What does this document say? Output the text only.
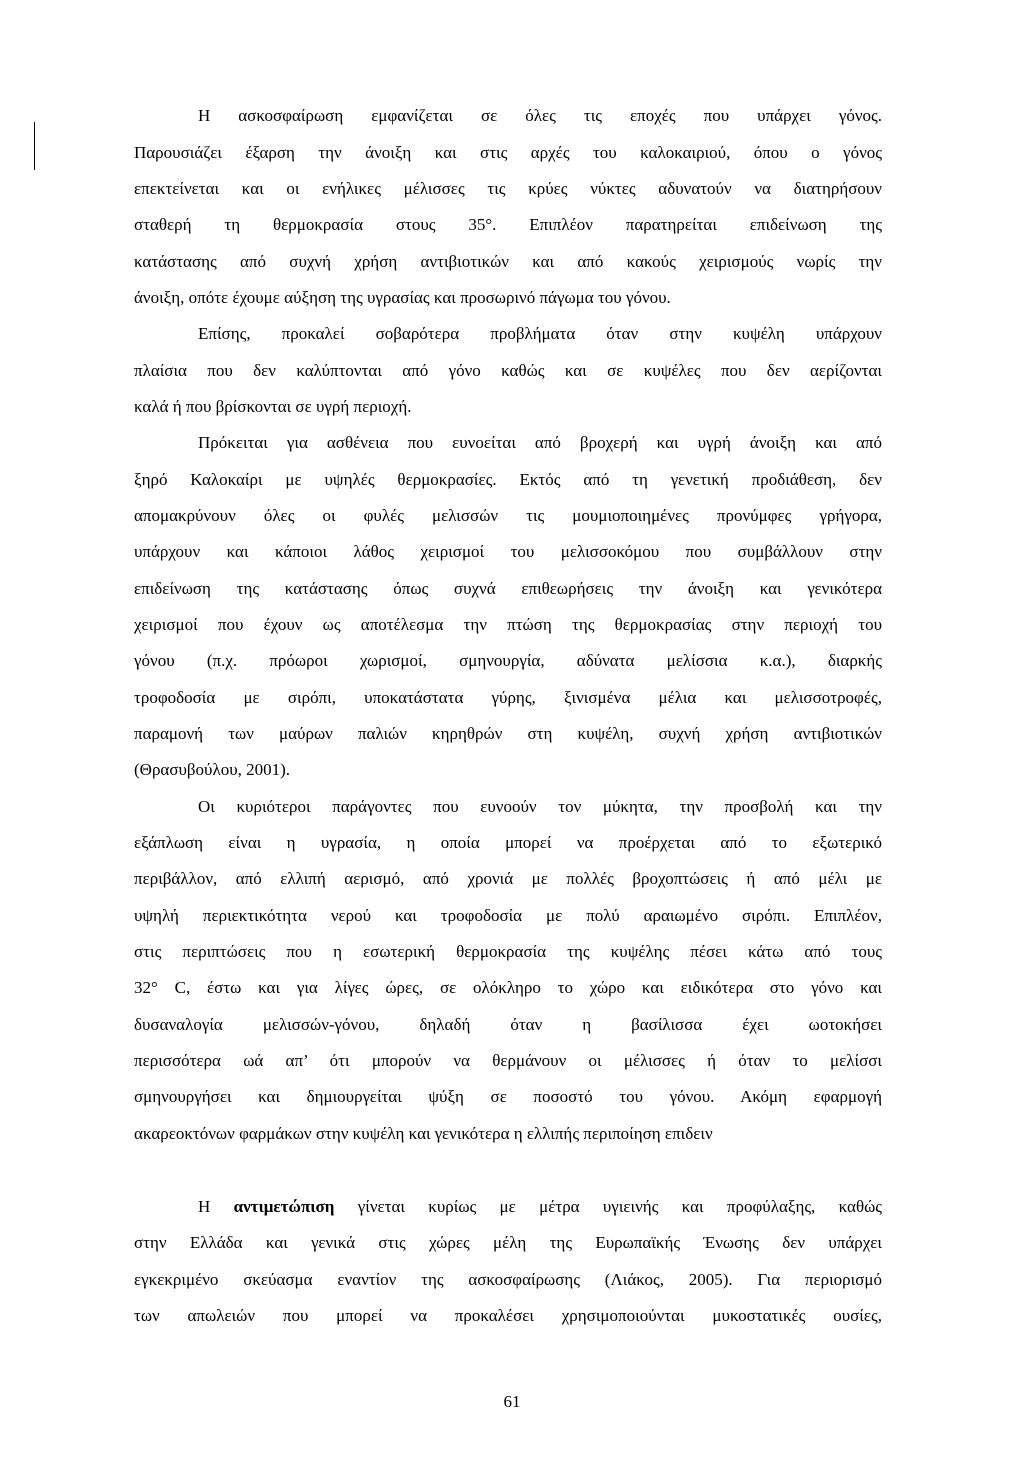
Η ασκοσφαίρωση εμφανίζεται σε όλες τις εποχές που υπάρχει γόνος.
Παρουσιάζει έξαρση την άνοιξη και στις αρχές του καλοκαιριού, όπου ο γόνος
επεκτείνεται και οι ενήλικες μέλισσες τις κρύες νύκτες αδυνατούν να διατηρήσουν
σταθερή τη θερμοκρασία στους 35°. Επιπλέον παρατηρείται επιδείνωση της
κατάστασης από συχνή χρήση αντιβιοτικών και από κακούς χειρισμούς νωρίς την
άνοιξη, οπότε έχουμε αύξηση της υγρασίας και προσωρινό πάγωμα του γόνου.
Επίσης, προκαλεί σοβαρότερα προβλήματα όταν στην κυψέλη υπάρχουν
πλαίσια που δεν καλύπτονται από γόνο καθώς και σε κυψέλες που δεν αερίζονται
καλά ή που βρίσκονται σε υγρή περιοχή.
Πρόκειται για ασθένεια που ευνοείται από βροχερή και υγρή άνοιξη και από
ξηρό Καλοκαίρι με υψηλές θερμοκρασίες. Εκτός από τη γενετική προδιάθεση, δεν
απομακρύνουν όλες οι φυλές μελισσών τις μουμιοποιημένες προνύμφες γρήγορα,
υπάρχουν και κάποιοι λάθος χειρισμοί του μελισσοκόμου που συμβάλλουν στην
επιδείνωση της κατάστασης όπως συχνά επιθεωρήσεις την άνοιξη και γενικότερα
χειρισμοί που έχουν ως αποτέλεσμα την πτώση της θερμοκρασίας στην περιοχή του
γόνου (π.χ. πρόωροι χωρισμοί, σμηνουργία, αδύνατα μελίσσια κ.α.), διαρκής
τροφοδοσία με σιρόπι, υποκατάστατα γύρης, ξινισμένα μέλια και μελισσοτροφές,
παραμονή των μαύρων παλιών κηρηθρών στη κυψέλη, συχνή χρήση αντιβιοτικών
(Θρασυβούλου, 2001).
Οι κυριότεροι παράγοντες που ευνοούν τον μύκητα, την προσβολή και την
εξάπλωση είναι η υγρασία, η οποία μπορεί να προέρχεται από το εξωτερικό
περιβάλλον, από ελλιπή αερισμό, από χρονιά με πολλές βροχοπτώσεις ή από μέλι με
υψηλή περιεκτικότητα νερού και τροφοδοσία με πολύ αραιωμένο σιρόπι. Επιπλέον,
στις περιπτώσεις που η εσωτερική θερμοκρασία της κυψέλης πέσει κάτω από τους
32° C, έστω και για λίγες ώρες, σε ολόκληρο το χώρο και ειδικότερα στο γόνο και
δυσαναλογία μελισσών-γόνου, δηλαδή όταν η βασίλισσα έχει ωοτοκήσει
περισσότερα ωά απ’ ότι μπορούν να θερμάνουν οι μέλισσες ή όταν το μελίσσι
σμηνουργήσει και δημιουργείται ψύξη σε ποσοστό του γόνου. Ακόμη εφαρμογή
ακαρεοκτόνων φαρμάκων στην κυψέλη και γενικότερα η ελλιπής περιποίηση επιδειν
Η αντιμετώπιση γίνεται κυρίως με μέτρα υγιεινής και προφύλαξης, καθώς
στην Ελλάδα και γενικά στις χώρες μέλη της Ευρωπαϊκής Ένωσης δεν υπάρχει
εγκεκριμένο σκεύασμα εναντίον της ασκοσφαίρωσης (Λιάκος, 2005). Για περιορισμό
των απωλειών που μπορεί να προκαλέσει χρησιμοποιούνται μυκοστατικές ουσίες,
61
